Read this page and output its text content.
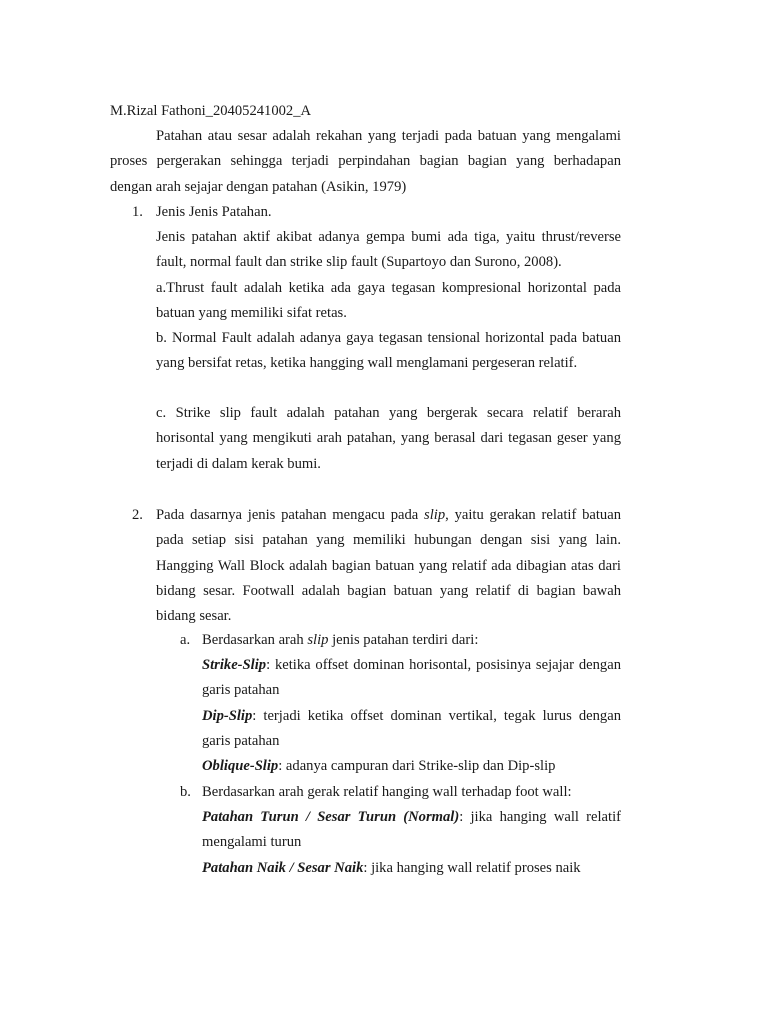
M.Rizal Fathoni_20405241002_A
Patahan atau sesar adalah rekahan yang terjadi pada batuan yang mengalami proses pergerakan sehingga terjadi perpindahan bagian bagian yang berhadapan dengan arah sejajar dengan patahan (Asikin, 1979)
1. Jenis Jenis Patahan.
Jenis patahan aktif akibat adanya gempa bumi ada tiga, yaitu thrust/reverse fault, normal fault dan strike slip fault (Supartoyo dan Surono, 2008).
a.Thrust fault adalah ketika ada gaya tegasan kompresional horizontal pada batuan yang memiliki sifat retas.
b. Normal Fault adalah adanya gaya tegasan tensional horizontal pada batuan yang bersifat retas, ketika hangging wall menglamani pergeseran relatif.
c. Strike slip fault adalah patahan yang bergerak secara relatif berarah horisontal yang mengikuti arah patahan, yang berasal dari tegasan geser yang terjadi di dalam kerak bumi.
2. Pada dasarnya jenis patahan mengacu pada slip, yaitu gerakan relatif batuan pada setiap sisi patahan yang memiliki hubungan dengan sisi yang lain. Hangging Wall Block adalah bagian batuan yang relatif ada dibagian atas dari bidang sesar. Footwall adalah bagian batuan yang relatif di bagian bawah bidang sesar.
a. Berdasarkan arah slip jenis patahan terdiri dari:
Strike-Slip: ketika offset dominan horisontal, posisinya sejajar dengan garis patahan
Dip-Slip: terjadi ketika offset dominan vertikal, tegak lurus dengan garis patahan
Oblique-Slip: adanya campuran dari Strike-slip dan Dip-slip
b. Berdasarkan arah gerak relatif hanging wall terhadap foot wall:
Patahan Turun / Sesar Turun (Normal): jika hanging wall relatif mengalami turun
Patahan Naik / Sesar Naik: jika hanging wall relatif proses naik
